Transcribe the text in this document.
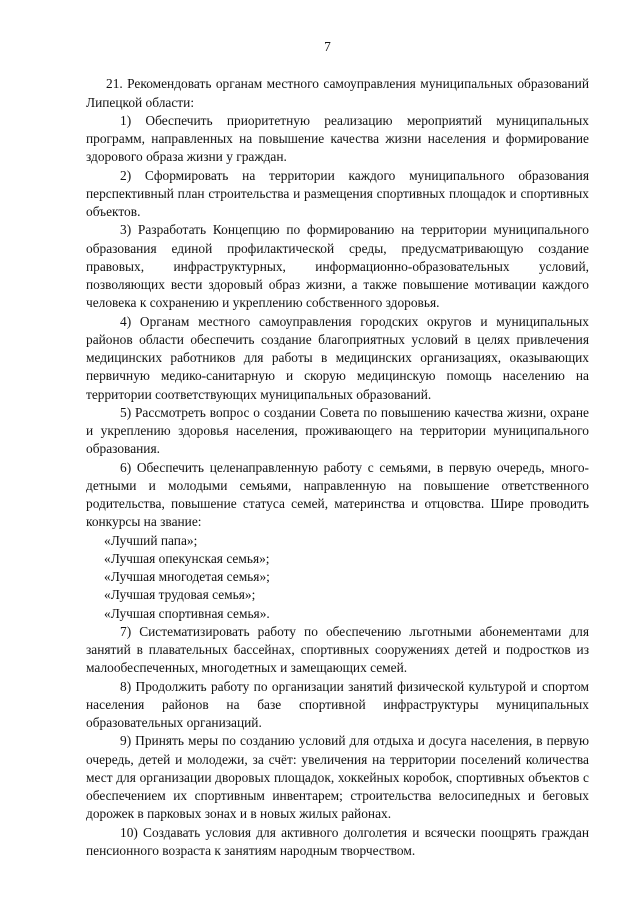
7

21. Рекомендовать органам местного самоуправления муниципальных образований Липецкой области:

1) Обеспечить приоритетную реализацию мероприятий муниципальных программ, направленных на повышение качества жизни населения и формирование здорового образа жизни у граждан.

2) Сформировать на территории каждого муниципального образования перспективный план строительства и размещения спортивных площадок и спортивных объектов.

3) Разработать Концепцию по формированию на территории муниципального образования единой профилактической среды, предусматривающую создание правовых, инфраструктурных, информационно-образовательных условий, позволяющих вести здоровый образ жизни, а также повышение мотивации каждого человека к сохранению и укреплению собственного здоровья.

4) Органам местного самоуправления городских округов и муниципальных районов области обеспечить создание благоприятных условий в целях привлечения медицинских работников для работы в медицинских организациях, оказывающих первичную медико-санитарную и скорую медицинскую помощь населению на территории соответствующих муниципальных образований.

5) Рассмотреть вопрос о создании Совета по повышению качества жизни, охране и укреплению здоровья населения, проживающего на территории муниципального образования.

6) Обеспечить целенаправленную работу с семьями, в первую очередь, много-детными и молодыми семьями, направленную на повышение ответственного родительства, повышение статуса семей, материнства и отцовства. Шире проводить конкурсы на звание:

«Лучший папа»;

«Лучшая опекунская семья»;

«Лучшая многодетая семья»;

«Лучшая трудовая семья»;

«Лучшая спортивная семья».

7) Систематизировать работу по обеспечению льготными абонементами для занятий в плавательных бассейнах, спортивных сооружениях детей и подростков из малообеспеченных, многодетных и замещающих семей.

8) Продолжить работу по организации занятий физической культурой и спортом населения районов на базе спортивной инфраструктуры муниципальных образовательных организаций.

9) Принять меры по созданию условий для отдыха и досуга населения, в первую очередь, детей и молодежи, за счёт: увеличения на территории поселений количества мест для организации дворовых площадок, хоккейных коробок, спортивных объектов с обеспечением их спортивным инвентарем; строительства велосипедных и беговых дорожек в парковых зонах и в новых жилых районах.

10) Создавать условия для активного долголетия и всячески поощрять граждан пенсионного возраста к занятиям народным творчеством.
